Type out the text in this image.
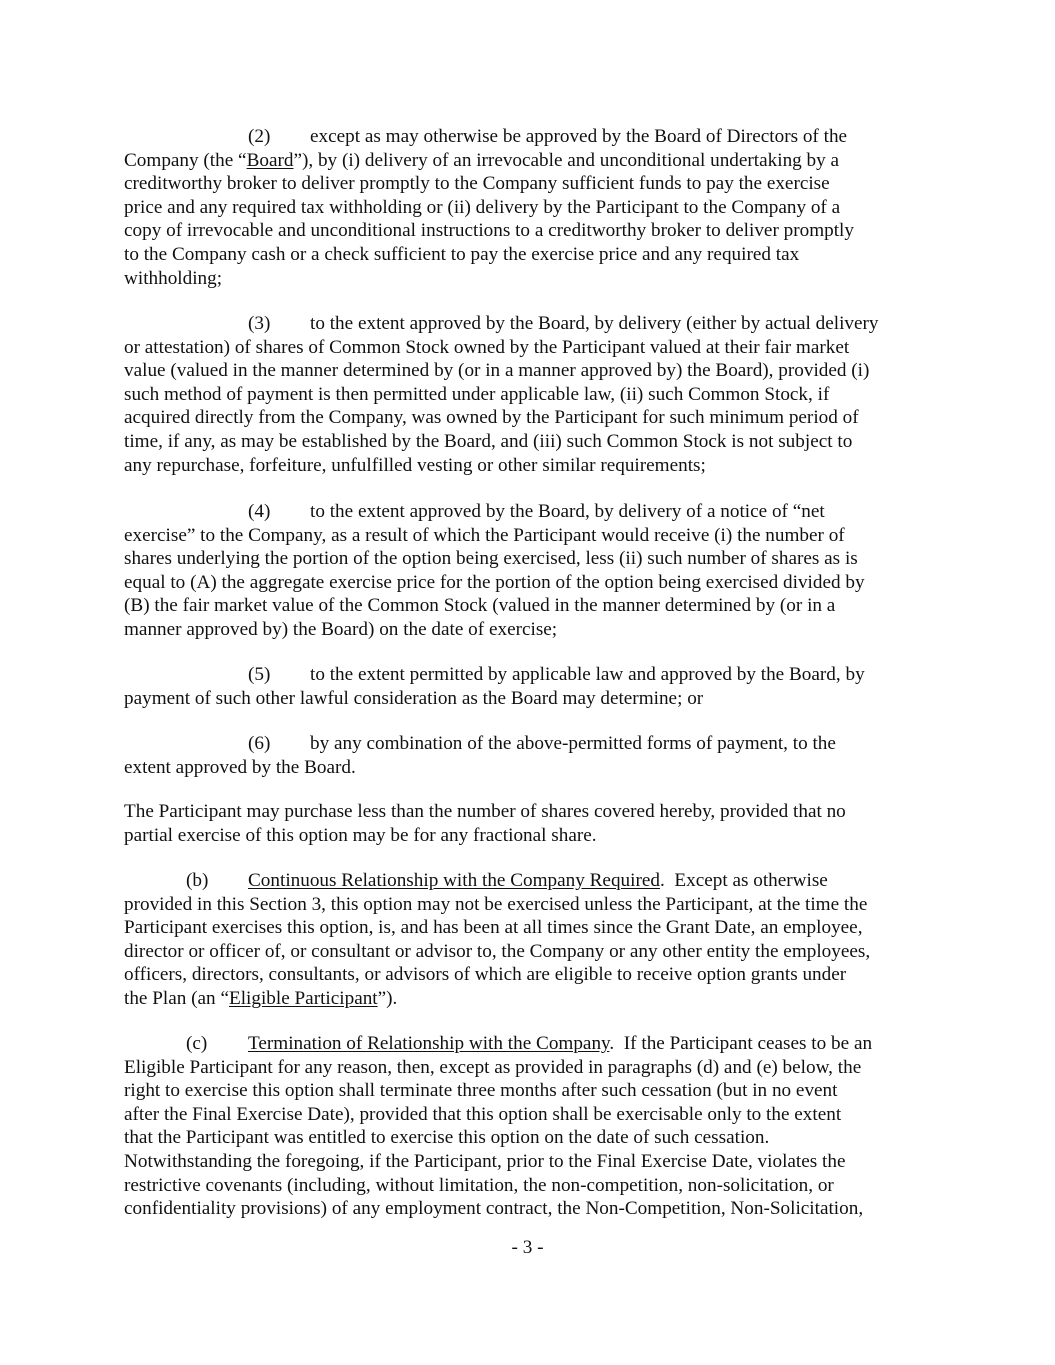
(2) except as may otherwise be approved by the Board of Directors of the
Company (the “Board”), by (i) delivery of an irrevocable and unconditional undertaking by a
creditworthy broker to deliver promptly to the Company sufficient funds to pay the exercise
price and any required tax withholding or (ii) delivery by the Participant to the Company of a
copy of irrevocable and unconditional instructions to a creditworthy broker to deliver promptly
to the Company cash or a check sufficient to pay the exercise price and any required tax
withholding;
(3) to the extent approved by the Board, by delivery (either by actual delivery
or attestation) of shares of Common Stock owned by the Participant valued at their fair market
value (valued in the manner determined by (or in a manner approved by) the Board), provided (i)
such method of payment is then permitted under applicable law, (ii) such Common Stock, if
acquired directly from the Company, was owned by the Participant for such minimum period of
time, if any, as may be established by the Board, and (iii) such Common Stock is not subject to
any repurchase, forfeiture, unfulfilled vesting or other similar requirements;
(4) to the extent approved by the Board, by delivery of a notice of “net
exercise” to the Company, as a result of which the Participant would receive (i) the number of
shares underlying the portion of the option being exercised, less (ii) such number of shares as is
equal to (A) the aggregate exercise price for the portion of the option being exercised divided by
(B) the fair market value of the Common Stock (valued in the manner determined by (or in a
manner approved by) the Board) on the date of exercise;
(5) to the extent permitted by applicable law and approved by the Board, by
payment of such other lawful consideration as the Board may determine; or
(6) by any combination of the above-permitted forms of payment, to the
extent approved by the Board.
The Participant may purchase less than the number of shares covered hereby, provided that no
partial exercise of this option may be for any fractional share.
(b) Continuous Relationship with the Company Required.  Except as otherwise
provided in this Section 3, this option may not be exercised unless the Participant, at the time the
Participant exercises this option, is, and has been at all times since the Grant Date, an employee,
director or officer of, or consultant or advisor to, the Company or any other entity the employees,
officers, directors, consultants, or advisors of which are eligible to receive option grants under
the Plan (an “Eligible Participant”).
(c) Termination of Relationship with the Company.  If the Participant ceases to be an
Eligible Participant for any reason, then, except as provided in paragraphs (d) and (e) below, the
right to exercise this option shall terminate three months after such cessation (but in no event
after the Final Exercise Date), provided that this option shall be exercisable only to the extent
that the Participant was entitled to exercise this option on the date of such cessation.
Notwithstanding the foregoing, if the Participant, prior to the Final Exercise Date, violates the
restrictive covenants (including, without limitation, the non-competition, non-solicitation, or
confidentiality provisions) of any employment contract, the Non-Competition, Non-Solicitation,
- 3 -
